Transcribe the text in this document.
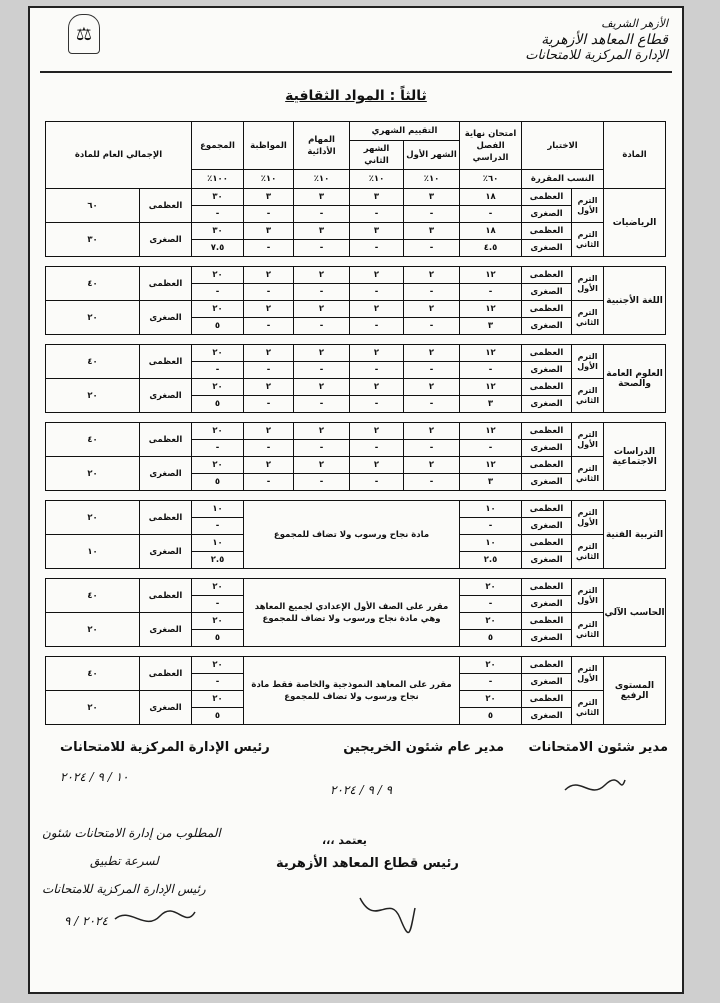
⚖	الأزهر الشريف
قطاع المعاهد الأزهرية
الإدارة المركزية للامتحانات
ثالثاً : المواد الثقافية
المادة	الاختبار		امتحان نهاية الفصل الدراسي	التقييم الشهري		المهام الأدائية	المواظبة	المجموع	الإجمالي العام للمادة	
				الشهر الأول	الشهر الثاني					
	النسب المقررة		٦٠٪	١٠٪	١٠٪	١٠٪	١٠٪	١٠٠٪		
الرياضيات	الترم الأول	العظمى	١٨	٣	٣	٣	٣	٣٠	العظمى	٦٠
		الصغرى	-	-	-	-	-	-		
	الترم الثاني	العظمى	١٨	٣	٣	٣	٣	٣٠	الصغرى	٣٠
		الصغرى	٤.٥	-	-	-	-	٧.٥		

اللغة الأجنبية	الترم الأول	العظمى	١٢	٢	٢	٢	٢	٢٠	العظمى	٤٠
		الصغرى	-	-	-	-	-	-		
	الترم الثاني	العظمى	١٢	٢	٢	٢	٢	٢٠	الصغرى	٢٠
		الصغرى	٣	-	-	-	-	٥		

العلوم العامة والصحة	الترم الأول	العظمى	١٢	٢	٢	٢	٢	٢٠	العظمى	٤٠
		الصغرى	-	-	-	-	-	-		
	الترم الثاني	العظمى	١٢	٢	٢	٢	٢	٢٠	الصغرى	٢٠
		الصغرى	٣	-	-	-	-	٥		

الدراسات الاجتماعية	الترم الأول	العظمى	١٢	٢	٢	٢	٢	٢٠	العظمى	٤٠
		الصغرى	-	-	-	-	-	-		
	الترم الثاني	العظمى	١٢	٢	٢	٢	٢	٢٠	الصغرى	٢٠
		الصغرى	٣	-	-	-	-	٥		

التربية الفنية	الترم الأول	العظمى	١٠	مادة نجاح ورسوب ولا تضاف للمجموع				١٠	العظمى	٢٠
		الصغرى	-					-		
	الترم الثاني	العظمى	١٠					١٠	الصغرى	١٠
		الصغرى	٢.٥					٢.٥		

الحاسب الآلي	الترم الأول	العظمى	٢٠	مقرر على الصف الأول الإعدادي لجميع المعاهد وهي مادة نجاح ورسوب ولا تضاف للمجموع				٢٠	العظمى	٤٠
		الصغرى	-					-		
	الترم الثاني	العظمى	٢٠					٢٠	الصغرى	٢٠
		الصغرى	٥					٥		

المستوى الرفيع	الترم الأول	العظمى	٢٠	مقرر على المعاهد النموذجية والخاصة فقط مادة نجاح ورسوب ولا تضاف للمجموع				٢٠	العظمى	٤٠
		الصغرى	-					-		
	الترم الثاني	العظمى	٢٠					٢٠	الصغرى	٢٠
		الصغرى	٥					٥		
مدير شئون الامتحانات
مدير عام شئون الخريجين
رئيس الإدارة المركزية للامتحانات
يعتمد ،،،
رئيس قطاع المعاهد الأزهرية
١٠ / ٩ / ٢٠٢٤
٩ / ٩ / ٢٠٢٤
المطلوب من إدارة الامتحانات شئون
لسرعة تطبيق
رئيس الإدارة المركزية للامتحانات
٢٠٢٤ / ٩
